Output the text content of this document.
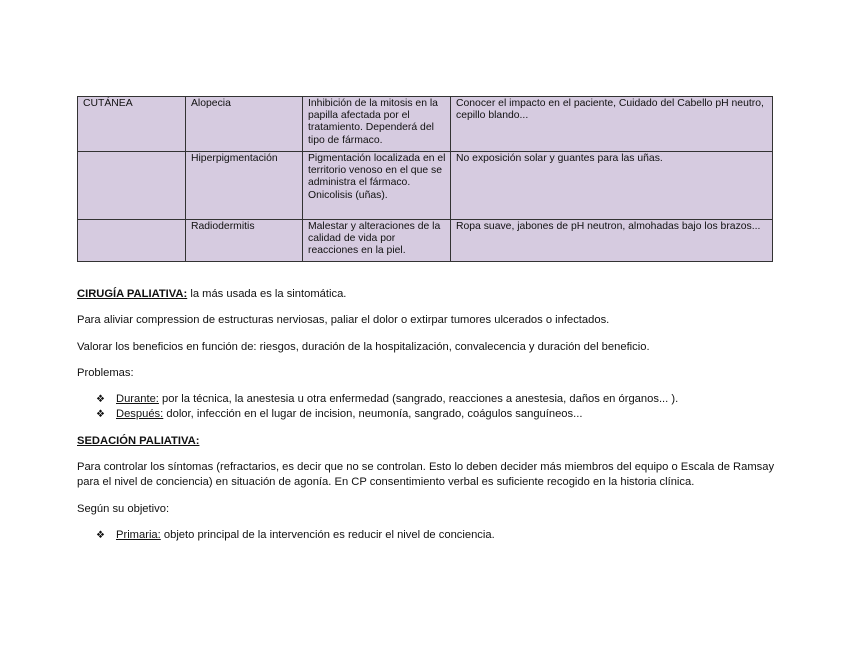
CUTÁNEA	Alopecia	Inhibición de la mitosis en la papilla afectada por el tratamiento. Dependerá del tipo de fármaco.	Conocer el impacto en el paciente, Cuidado del Cabello pH neutro, cepillo blando...
	Hiperpigmentación	Pigmentación localizada en el territorio venoso en el que se administra el fármaco. Onicolisis (uñas).	No exposición solar y guantes para las uñas.
	Radiodermitis	Malestar y alteraciones de la calidad de vida por reacciones en la piel.	Ropa suave, jabones de pH neutron, almohadas bajo los brazos...

CIRUGÍA PALIATIVA: la más usada es la sintomática.

Para aliviar compression de estructuras nerviosas, paliar el dolor o extirpar tumores ulcerados o infectados.

Valorar los beneficios en función de: riesgos, duración de la hospitalización, convalecencia y duración del beneficio.

Problemas:

❖ Durante: por la técnica, la anestesia u otra enfermedad (sangrado, reacciones a anestesia, daños en órganos... ).
❖ Después: dolor, infección en el lugar de incision, neumonía, sangrado, coágulos sanguíneos...

SEDACIÓN PALIATIVA:

Para controlar los síntomas (refractarios, es decir que no se controlan. Esto lo deben decider más miembros del equipo o Escala de Ramsay para el nivel de conciencia) en situación de agonía. En CP consentimiento verbal es suficiente recogido en la historia clínica.

Según su objetivo:

❖ Primaria: objeto principal de la intervención es reducir el nivel de conciencia.
